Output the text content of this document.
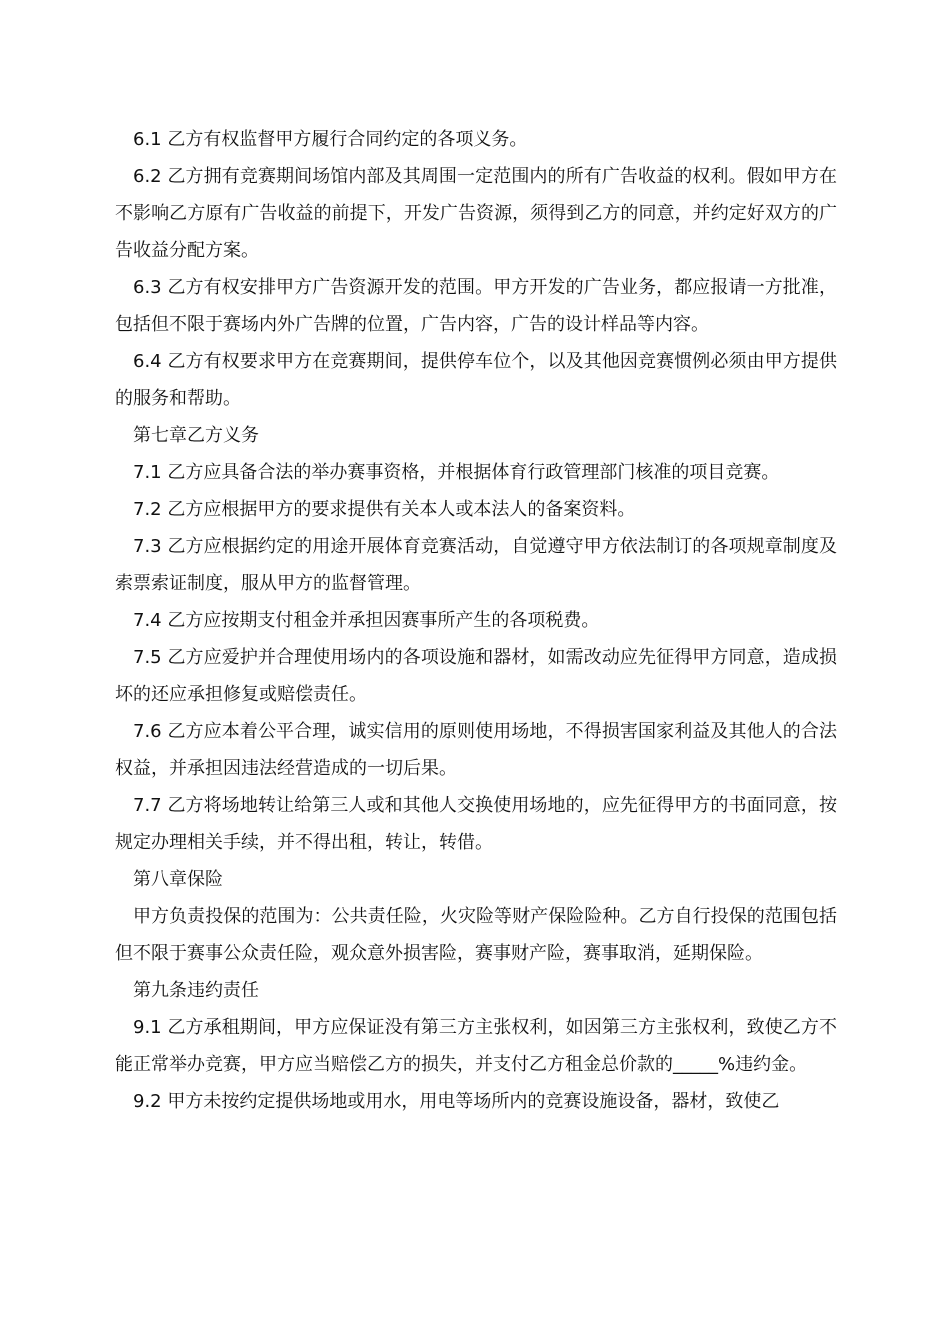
6.1 乙方有权监督甲方履行合同约定的各项义务。

6.2 乙方拥有竞赛期间场馆内部及其周围一定范围内的所有广告收益的权利。假如甲方在不影响乙方原有广告收益的前提下，开发广告资源，须得到乙方的同意，并约定好双方的广告收益分配方案。

6.3 乙方有权安排甲方广告资源开发的范围。甲方开发的广告业务，都应报请一方批准，包括但不限于赛场内外广告牌的位置，广告内容，广告的设计样品等内容。

6.4 乙方有权要求甲方在竞赛期间，提供停车位个，以及其他因竞赛惯例必须由甲方提供的服务和帮助。

第七章乙方义务

7.1 乙方应具备合法的举办赛事资格，并根据体育行政管理部门核准的项目竞赛。

7.2 乙方应根据甲方的要求提供有关本人或本法人的备案资料。

7.3 乙方应根据约定的用途开展体育竞赛活动，自觉遵守甲方依法制订的各项规章制度及索票索证制度，服从甲方的监督管理。

7.4 乙方应按期支付租金并承担因赛事所产生的各项税费。

7.5 乙方应爱护并合理使用场内的各项设施和器材，如需改动应先征得甲方同意，造成损坏的还应承担修复或赔偿责任。

7.6 乙方应本着公平合理，诚实信用的原则使用场地，不得损害国家利益及其他人的合法权益，并承担因违法经营造成的一切后果。

7.7 乙方将场地转让给第三人或和其他人交换使用场地的，应先征得甲方的书面同意，按规定办理相关手续，并不得出租，转让，转借。

第八章保险

甲方负责投保的范围为：公共责任险，火灾险等财产保险险种。乙方自行投保的范围包括但不限于赛事公众责任险，观众意外损害险，赛事财产险，赛事取消，延期保险。

第九条违约责任

9.1 乙方承租期间，甲方应保证没有第三方主张权利，如因第三方主张权利，致使乙方不能正常举办竞赛，甲方应当赔偿乙方的损失，并支付乙方租金总价款的_____%违约金。

9.2 甲方未按约定提供场地或用水，用电等场所内的竞赛设施设备，器材，致使乙
